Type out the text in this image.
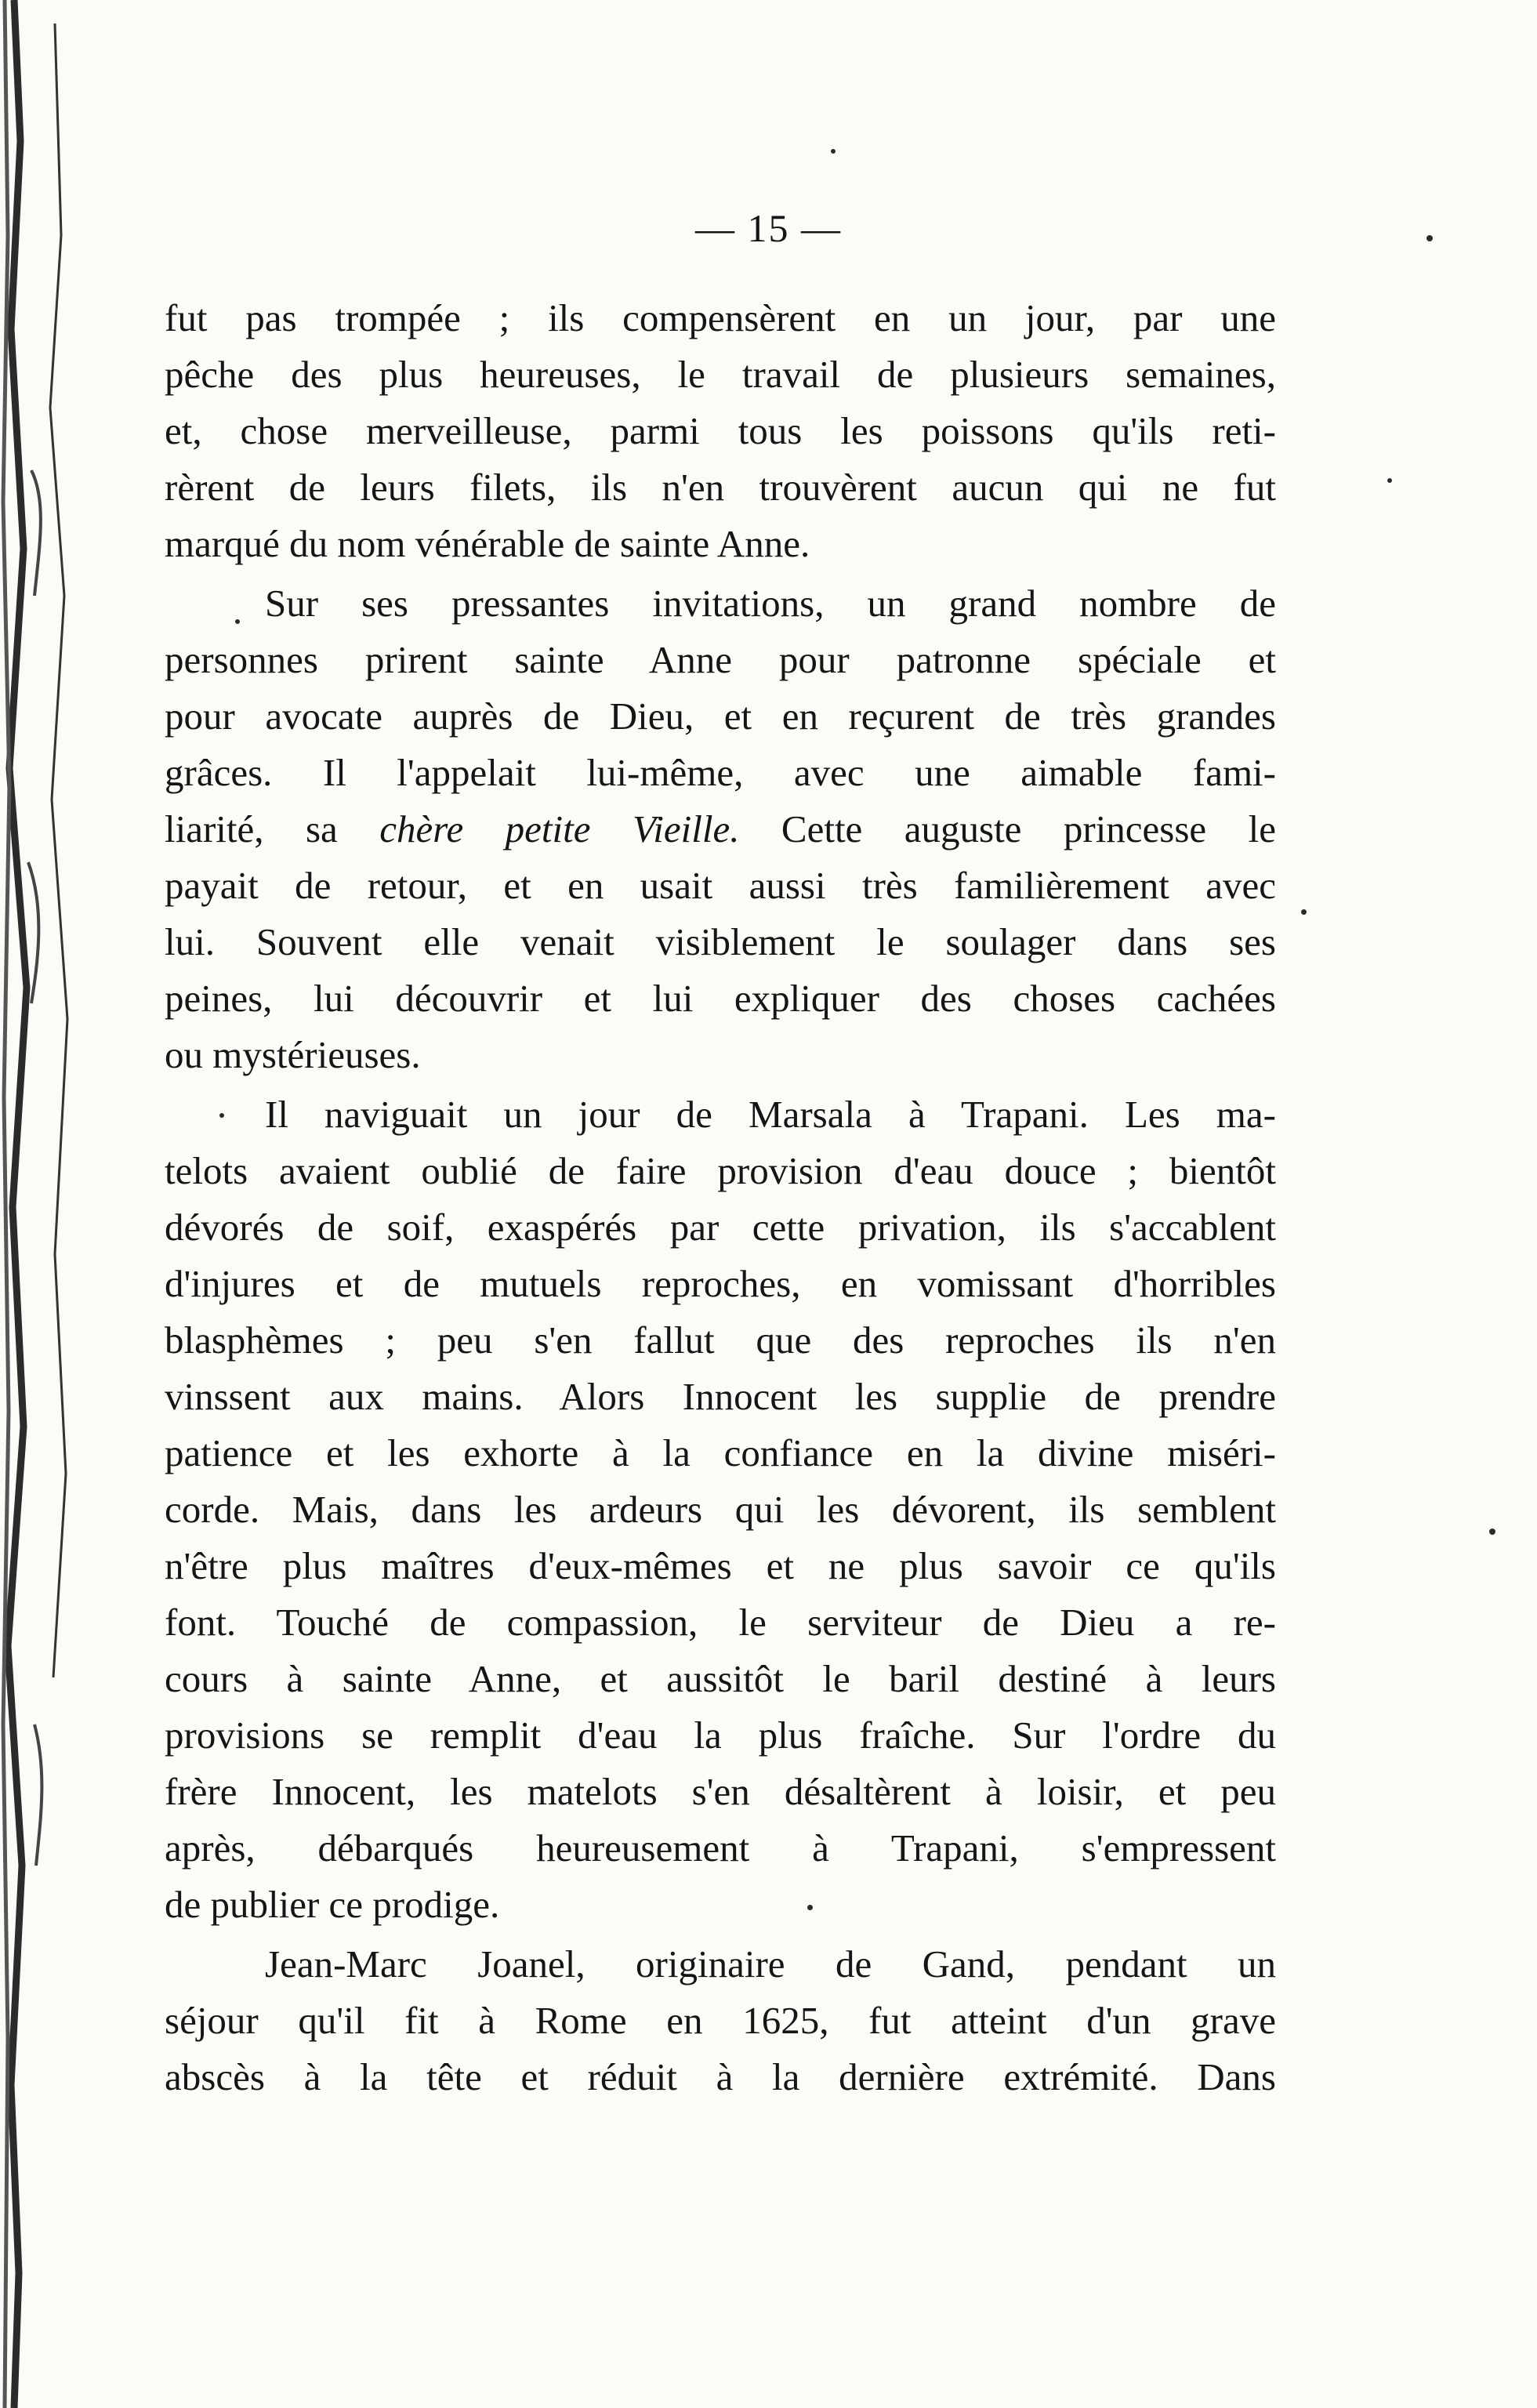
— 15 —

fut pas trompée ; ils compensèrent en un jour, par une
pêche des plus heureuses, le travail de plusieurs semaines,
et, chose merveilleuse, parmi tous les poissons qu'ils reti-
rèrent de leurs filets, ils n'en trouvèrent aucun qui ne fut
marqué du nom vénérable de sainte Anne.
Sur ses pressantes invitations, un grand nombre de
personnes prirent sainte Anne pour patronne spéciale et
pour avocate auprès de Dieu, et en reçurent de très grandes
grâces. Il l'appelait lui-même, avec une aimable fami-
liarité, sa chère petite Vieille. Cette auguste princesse le
payait de retour, et en usait aussi très familièrement avec
lui. Souvent elle venait visiblement le soulager dans ses
peines, lui découvrir et lui expliquer des choses cachées
ou mystérieuses.
Il naviguait un jour de Marsala à Trapani. Les ma-
telots avaient oublié de faire provision d'eau douce ; bientôt
dévorés de soif, exaspérés par cette privation, ils s'accablent
d'injures et de mutuels reproches, en vomissant d'horribles
blasphèmes ; peu s'en fallut que des reproches ils n'en
vinssent aux mains. Alors Innocent les supplie de prendre
patience et les exhorte à la confiance en la divine miséri-
corde. Mais, dans les ardeurs qui les dévorent, ils semblent
n'être plus maîtres d'eux-mêmes et ne plus savoir ce qu'ils
font. Touché de compassion, le serviteur de Dieu a re-
cours à sainte Anne, et aussitôt le baril destiné à leurs
provisions se remplit d'eau la plus fraîche. Sur l'ordre du
frère Innocent, les matelots s'en désaltèrent à loisir, et peu
après, débarqués heureusement à Trapani, s'empressent
de publier ce prodige.
Jean-Marc Joanel, originaire de Gand, pendant un
séjour qu'il fit à Rome en 1625, fut atteint d'un grave
abscès à la tête et réduit à la dernière extrémité. Dans
